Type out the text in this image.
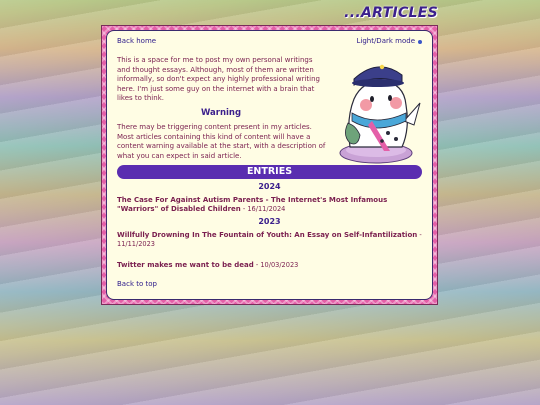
...ARTICLES
Back home	Light/Dark mode
This is a space for me to post my own personal writings and thought essays. Although, most of them are written informally, so don't expect any highly professional writing here. I'm just some guy on the internet with a brain that likes to think.
Warning
There may be triggering content present in my articles. Most articles containing this kind of content will have a content warning available at the start, with a description of what you can expect in said article.
ENTRIES
2024
The Case For Against Autism Parents - The Internet's Most Infamous "Warriors" of Disabled Children - 16/11/2024
2023
Willfully Drowning In The Fountain of Youth: An Essay on Self-Infantilization - 11/11/2023
Twitter makes me want to be dead - 10/03/2023
Back to top
